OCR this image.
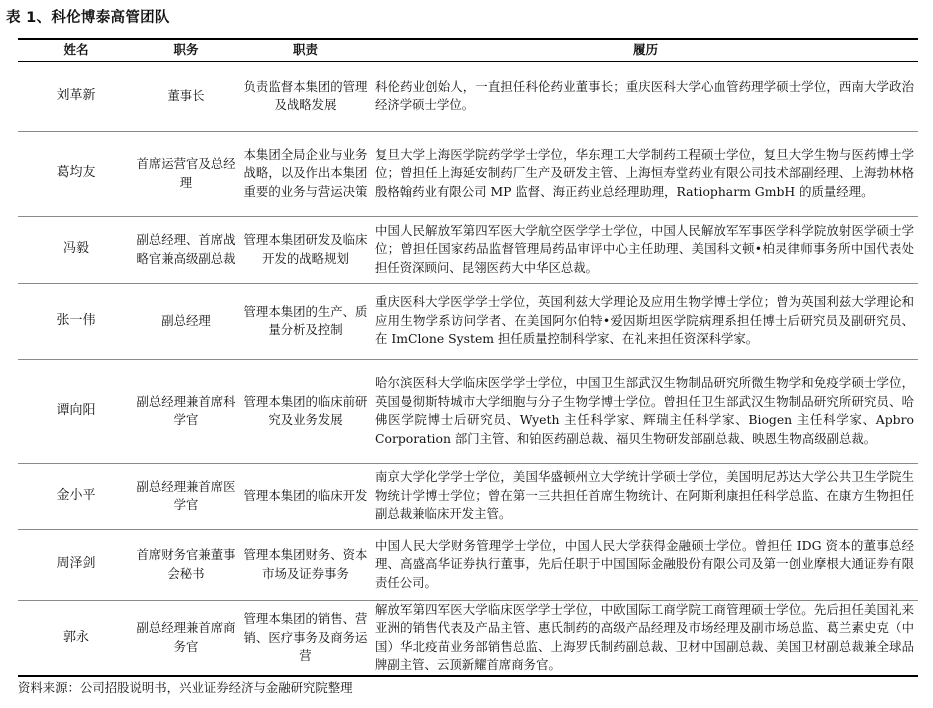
表 1、科伦博泰高管团队
姓名	职务	职责	履历
刘革新	董事长	负责监督本集团的管理及战略发展	科伦药业创始人，一直担任科伦药业董事长；重庆医科大学心血管药理学硕士学位，西南大学政治经济学硕士学位。
葛均友	首席运营官及总经理	本集团全局企业与业务战略，以及作出本集团重要的业务与营运决策	复旦大学上海医学院药学学士学位，华东理工大学制药工程硕士学位，复旦大学生物与医药博士学位；曾担任上海延安制药厂生产及研发主管、上海恒寿堂药业有限公司技术部副经理、上海勃林格殷格翰药业有限公司 MP 监督、海正药业总经理助理，Ratiopharm GmbH 的质量经理。
冯毅	副总经理、首席战略官兼高级副总裁	管理本集团研发及临床开发的战略规划	中国人民解放军第四军医大学航空医学学士学位，中国人民解放军军事医学科学院放射医学硕士学位；曾担任国家药品监督管理局药品审评中心主任助理、美国科文顿•柏灵律师事务所中国代表处担任资深顾问、昆翎医药大中华区总裁。
张一伟	副总经理	管理本集团的生产、质量分析及控制	重庆医科大学医学学士学位，英国利兹大学理论及应用生物学博士学位；曾为英国利兹大学理论和应用生物学系访问学者、在美国阿尔伯特•爱因斯坦医学院病理系担任博士后研究员及副研究员、在 ImClone System 担任质量控制科学家、在礼来担任资深科学家。
谭向阳	副总经理兼首席科学官	管理本集团的临床前研究及业务发展	哈尔滨医科大学临床医学学士学位，中国卫生部武汉生物制品研究所微生物学和免疫学硕士学位，英国曼彻斯特城市大学细胞与分子生物学博士学位。曾担任卫生部武汉生物制品研究所研究员、哈佛医学院博士后研究员、Wyeth 主任科学家、辉瑞主任科学家、Biogen 主任科学家、Apbro Corporation 部门主管、和铂医药副总裁、福贝生物研发部副总裁、映恩生物高级副总裁。
金小平	副总经理兼首席医学官	管理本集团的临床开发	南京大学化学学士学位，美国华盛顿州立大学统计学硕士学位，美国明尼苏达大学公共卫生学院生物统计学博士学位；曾在第一三共担任首席生物统计、在阿斯利康担任科学总监、在康方生物担任副总裁兼临床开发主管。
周泽剑	首席财务官兼董事会秘书	管理本集团财务、资本市场及证券事务	中国人民大学财务管理学士学位，中国人民大学获得金融硕士学位。曾担任 IDG 资本的董事总经理、高盛高华证券执行董事，先后任职于中国国际金融股份有限公司及第一创业摩根大通证券有限责任公司。
郭永	副总经理兼首席商务官	管理本集团的销售、营销、医疗事务及商务运营	解放军第四军医大学临床医学学士学位，中欧国际工商学院工商管理硕士学位。先后担任美国礼来亚洲的销售代表及产品主管、惠氏制药的高级产品经理及市场经理及副市场总监、葛兰素史克（中国）华北疫苗业务部销售总监、上海罗氏制药副总裁、卫材中国副总裁、美国卫材副总裁兼全球品牌副主管、云顶新耀首席商务官。
资料来源：公司招股说明书，兴业证券经济与金融研究院整理
